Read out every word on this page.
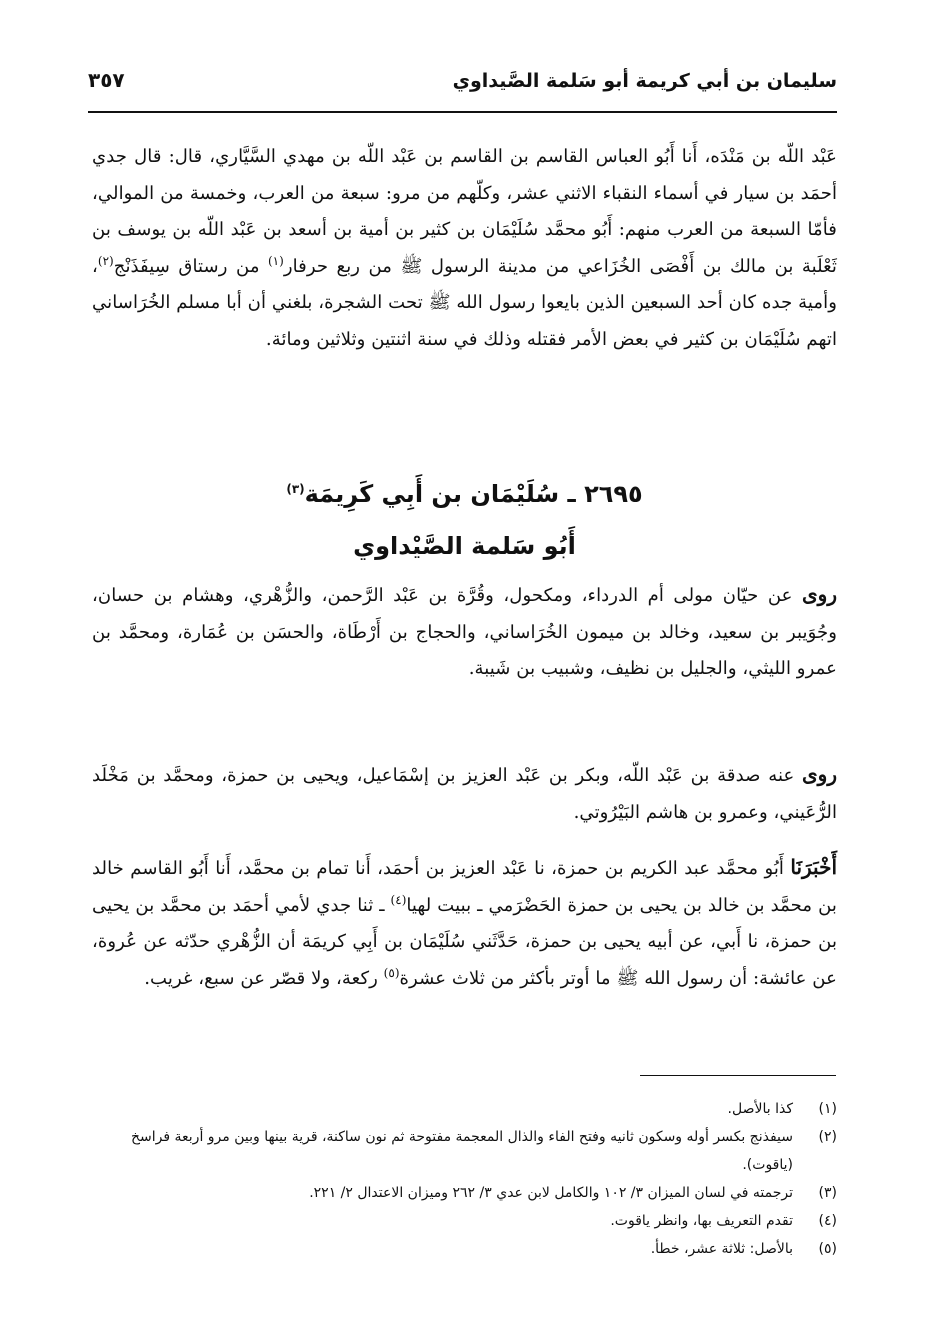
سليمان بن أبي كريمة أبو سَلمة الصَّيداوي
٣٥٧
عَبْد اللّه بن مَنْدَه، أَنا أَبُو العباس القاسم بن القاسم بن عَبْد اللّه بن مهدي السَّيَّاري، قال: قال جدي أحمَد بن سيار في أسماء النقباء الاثني عشر، وكلّهم من مرو: سبعة من العرب، وخمسة من الموالي، فأمّا السبعة من العرب منهم: أَبُو محمَّد سُلَيْمَان بن كثير بن أمية بن أسعد بن عَبْد اللّه بن يوسف بن ثَعْلَبة بن مالك بن أَفْصَى الخُزَاعي من مدينة الرسول ﷺ من ربع حرفار$^{(١)}$ من رستاق سِيفَذَنْج$^{(٢)}$، وأمية جده كان أحد السبعين الذين بايعوا رسول الله ﷺ تحت الشجرة، بلغني أن أبا مسلم الخُرَاساني اتهم سُلَيْمَان بن كثير في بعض الأمر فقتله وذلك في سنة اثنتين وثلاثين ومائة.
٢٦٩٥ ـ سُلَيْمَان بن أَبِي كَرِيمَة$^{(٣)}$
أَبُو سَلمة الصَّيْداوي
روى عن حيّان مولى أم الدرداء، ومكحول، وقُرَّة بن عَبْد الرَّحمن، والزُّهْري، وهشام بن حسان، وجُوَيبر بن سعيد، وخالد بن ميمون الخُرَاساني، والحجاج بن أَرْطَاة، والحسَن بن عُمَارة، ومحمَّد بن عمرو الليثي، والجليل بن نظيف، وشبيب بن شَيبة.
روى عنه صدقة بن عَبْد اللّه، وبكر بن عَبْد العزيز بن إسْمَاعيل، ويحيى بن حمزة، ومحمَّد بن مَخْلَد الرُّعَيني، وعمرو بن هاشم البَيْرُوتي.
أَخْبَرَنَا أَبُو محمَّد عبد الكريم بن حمزة، نا عَبْد العزيز بن أحمَد، أَنا تمام بن محمَّد، أَنا أَبُو القاسم خالد بن محمَّد بن خالد بن يحيى بن حمزة الحَضْرَمي ـ ببيت لهيا$^{(٤)}$ ـ ثنا جدي لأمي أحمَد بن محمَّد بن يحيى بن حمزة، نا أَبي، عن أبيه يحيى بن حمزة، حَدَّثَني سُلَيْمَان بن أَبِي كريمَة أن الزُّهْري حدّثه عن عُروة، عن عائشة: أن رسول الله ﷺ ما أوتر بأكثر من ثلاث عشرة$^{(٥)}$ ركعة، ولا قصّر عن سبع، غريب.
(١)
كذا بالأصل.
(٢)
سيفذنج بكسر أوله وسكون ثانيه وفتح الفاء والذال المعجمة مفتوحة ثم نون ساكنة، قرية بينها وبين مرو أربعة فراسخ (ياقوت).
(٣)
ترجمته في لسان الميزان ٣/ ١٠٢ والكامل لابن عدي ٣/ ٢٦٢ وميزان الاعتدال ٢/ ٢٢١.
(٤)
تقدم التعريف بها، وانظر ياقوت.
(٥)
بالأصل: ثلاثة عشر، خطأ.
